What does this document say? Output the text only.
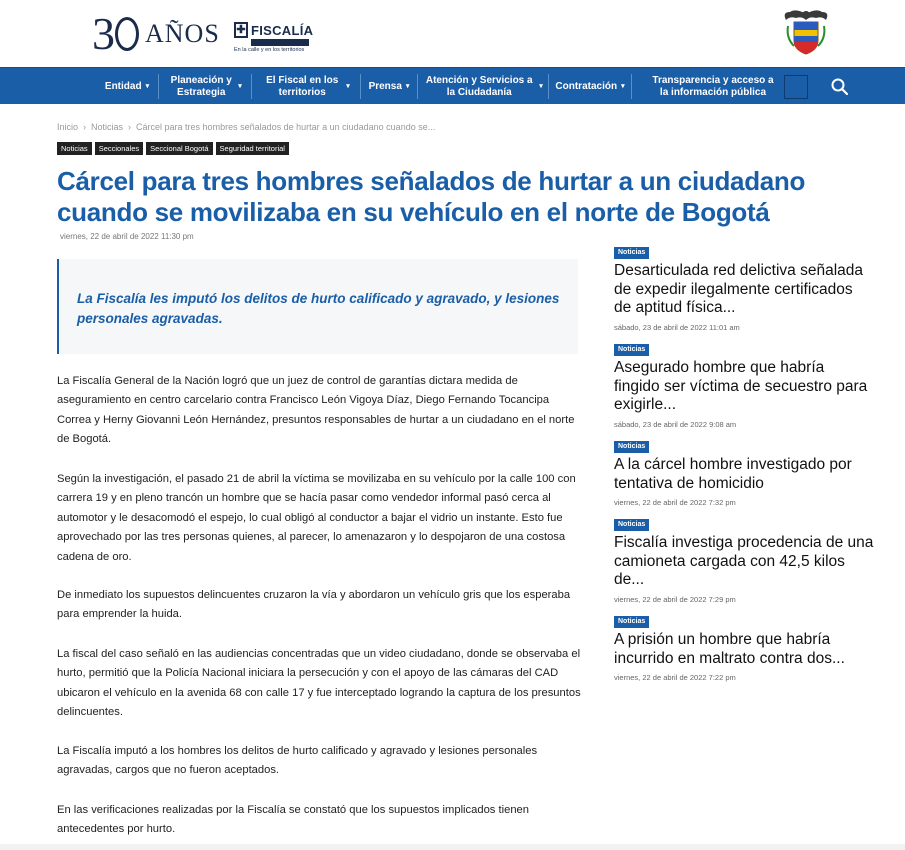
3	AÑOS ✚ FISCALÍA
En la calle y en los territorios
Entidad ▾
Planeación y Estrategia
▾
El Fiscal en los territorios
▾ Prensa ▾
Atención y Servicios a la Ciudadanía
▾ Contratación ▾
Transparencia y acceso a la información pública
Inicio › Noticias › Cárcel para tres hombres señalados de hurtar a un ciudadano cuando se...
Noticias	Seccionales	Seccional Bogotá	Seguridad territorial
Cárcel para tres hombres señalados de hurtar a un ciudadano cuando se movilizaba en su vehículo en el norte de Bogotá
viernes, 22 de abril de 2022 11:30 pm

La Fiscalía les imputó los delitos de hurto calificado y agravado, y lesiones personales agravadas.

La Fiscalía General de la Nación logró que un juez de control de garantías dictara medida de aseguramiento en centro carcelario contra Francisco León Vigoya Díaz, Diego Fernando Tocancipa Correa y Herny Giovanni León Hernández, presuntos responsables de hurtar a un ciudadano en el norte de Bogotá.

Según la investigación, el pasado 21 de abril la víctima se movilizaba en su vehículo por la calle 100 con carrera 19 y en pleno trancón un hombre que se hacía pasar como vendedor informal pasó cerca al automotor y le desacomodó el espejo, lo cual obligó al conductor a bajar el vidrio un instante. Esto fue aprovechado por las tres personas quienes, al parecer, lo amenazaron y lo despojaron de una costosa cadena de oro.

De inmediato los supuestos delincuentes cruzaron la vía y abordaron un vehículo gris que los esperaba para emprender la huida.

La fiscal del caso señaló en las audiencias concentradas que un video ciudadano, donde se observaba el hurto, permitió que la Policía Nacional iniciara la persecución y con el apoyo de las cámaras del CAD ubicaron el vehículo en la avenida 68 con calle 17 y fue interceptado logrando la captura de los presuntos delincuentes.

La Fiscalía imputó a los hombres los delitos de hurto calificado y agravado y lesiones personales agravadas, cargos que no fueron aceptados.

En las verificaciones realizadas por la Fiscalía se constató que los supuestos implicados tienen antecedentes por hurto.

Noticias
Desarticulada red delictiva señalada de expedir ilegalmente certificados de aptitud física...
sábado, 23 de abril de 2022 11:01 am
Noticias
Asegurado hombre que habría fingido ser víctima de secuestro para exigirle...
sábado, 23 de abril de 2022 9:08 am
Noticias
A la cárcel hombre investigado por tentativa de homicidio
viernes, 22 de abril de 2022 7:32 pm
Noticias
Fiscalía investiga procedencia de una camioneta cargada con 42,5 kilos de...
viernes, 22 de abril de 2022 7:29 pm
Noticias
A prisión un hombre que habría incurrido en maltrato contra dos...
viernes, 22 de abril de 2022 7:22 pm
